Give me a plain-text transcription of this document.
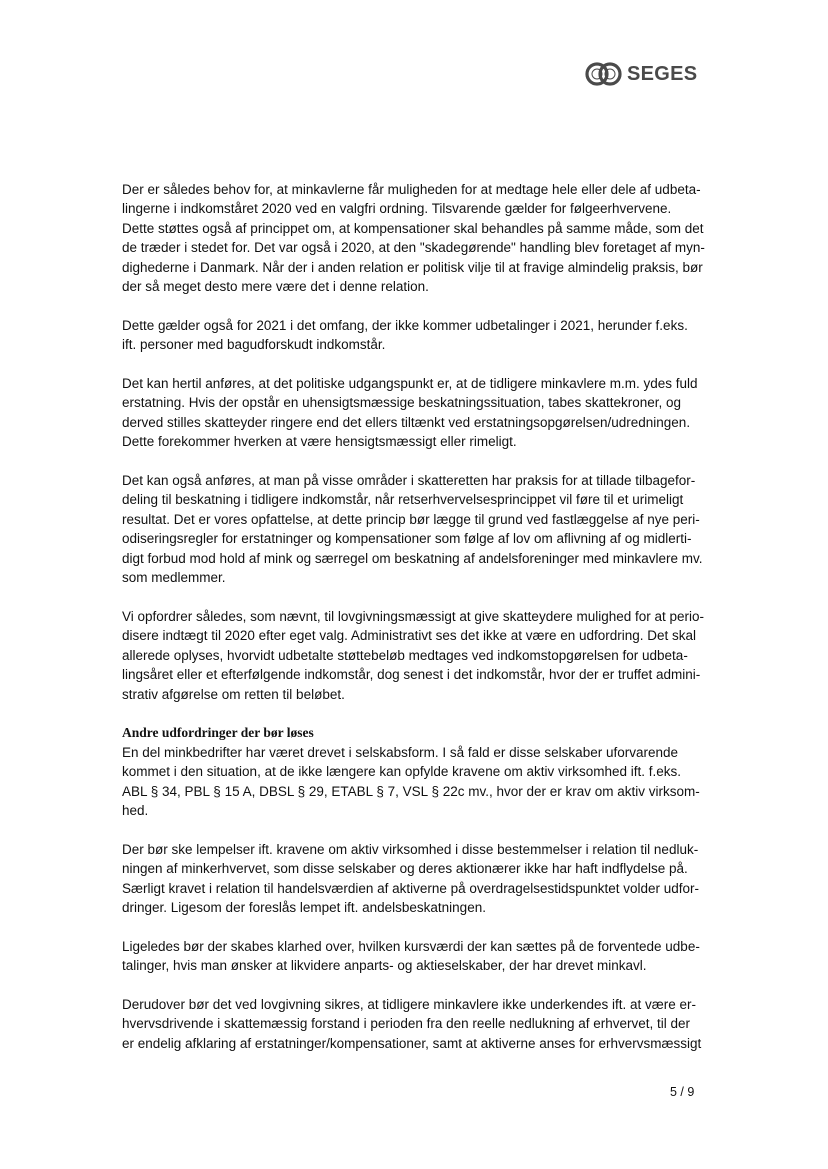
SEGES
Der er således behov for, at minkavlerne får muligheden for at medtage hele eller dele af udbeta-
lingerne i indkomståret 2020 ved en valgfri ordning. Tilsvarende gælder for følgeerhvervene.
Dette støttes også af princippet om, at kompensationer skal behandles på samme måde, som det
de træder i stedet for. Det var også i 2020, at den "skadegørende" handling blev foretaget af myn-
dighederne i Danmark. Når der i anden relation er politisk vilje til at fravige almindelig praksis, bør
der så meget desto mere være det i denne relation.
Dette gælder også for 2021 i det omfang, der ikke kommer udbetalinger i 2021, herunder f.eks.
ift. personer med bagudforskudt indkomstår.
Det kan hertil anføres, at det politiske udgangspunkt er, at de tidligere minkavlere m.m. ydes fuld
erstatning. Hvis der opstår en uhensigtsmæssige beskatningssituation, tabes skattekroner, og
derved stilles skatteyder ringere end det ellers tiltænkt ved erstatningsopgørelsen/udredningen.
Dette forekommer hverken at være hensigtsmæssigt eller rimeligt.
Det kan også anføres, at man på visse områder i skatteretten har praksis for at tillade tilbagefor-
deling til beskatning i tidligere indkomstår, når retserhvervelsesprincippet vil føre til et urimeligt
resultat. Det er vores opfattelse, at dette princip bør lægge til grund ved fastlæggelse af nye peri-
odiseringsregler for erstatninger og kompensationer som følge af lov om aflivning af og midlerti-
digt forbud mod hold af mink og særregel om beskatning af andelsforeninger med minkavlere mv.
som medlemmer.
Vi opfordrer således, som nævnt, til lovgivningsmæssigt at give skatteydere mulighed for at perio-
disere indtægt til 2020 efter eget valg. Administrativt ses det ikke at være en udfordring. Det skal
allerede oplyses, hvorvidt udbetalte støttebeløb medtages ved indkomstopgørelsen for udbeta-
lingsåret eller et efterfølgende indkomstår, dog senest i det indkomstår, hvor der er truffet admini-
strativ afgørelse om retten til beløbet.
Andre udfordringer der bør løses
En del minkbedrifter har været drevet i selskabsform. I så fald er disse selskaber uforvarende
kommet i den situation, at de ikke længere kan opfylde kravene om aktiv virksomhed ift. f.eks.
ABL § 34, PBL § 15 A, DBSL § 29, ETABL § 7, VSL § 22c mv., hvor der er krav om aktiv virksom-
hed.
Der bør ske lempelser ift. kravene om aktiv virksomhed i disse bestemmelser i relation til nedluk-
ningen af minkerhvervet, som disse selskaber og deres aktionærer ikke har haft indflydelse på.
Særligt kravet i relation til handelsværdien af aktiverne på overdragelsestidspunktet volder udfor-
dringer. Ligesom der foreslås lempet ift. andelsbeskatningen.
Ligeledes bør der skabes klarhed over, hvilken kursværdi der kan sættes på de forventede udbe-
talinger, hvis man ønsker at likvidere anparts- og aktieselskaber, der har drevet minkavl.
Derudover bør det ved lovgivning sikres, at tidligere minkavlere ikke underkendes ift. at være er-
hvervsdrivende i skattemæssig forstand i perioden fra den reelle nedlukning af erhvervet, til der
er endelig afklaring af erstatninger/kompensationer, samt at aktiverne anses for erhvervsmæssigt
5 / 9
